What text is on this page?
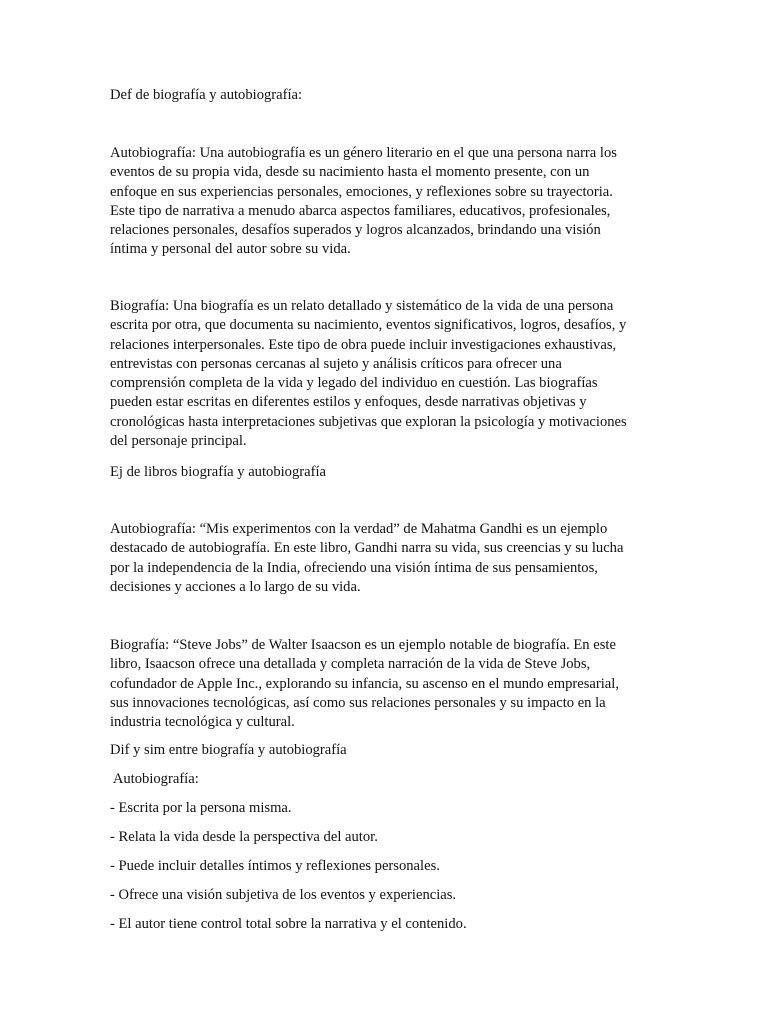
Def de biografía y autobiografía:

Autobiografía: Una autobiografía es un género literario en el que una persona narra los
eventos de su propia vida, desde su nacimiento hasta el momento presente, con un
enfoque en sus experiencias personales, emociones, y reflexiones sobre su trayectoria.
Este tipo de narrativa a menudo abarca aspectos familiares, educativos, profesionales,
relaciones personales, desafíos superados y logros alcanzados, brindando una visión
íntima y personal del autor sobre su vida.

Biografía: Una biografía es un relato detallado y sistemático de la vida de una persona
escrita por otra, que documenta su nacimiento, eventos significativos, logros, desafíos, y
relaciones interpersonales. Este tipo de obra puede incluir investigaciones exhaustivas,
entrevistas con personas cercanas al sujeto y análisis críticos para ofrecer una
comprensión completa de la vida y legado del individuo en cuestión. Las biografías
pueden estar escritas en diferentes estilos y enfoques, desde narrativas objetivas y
cronológicas hasta interpretaciones subjetivas que exploran la psicología y motivaciones
del personaje principal.

Ej de libros biografía y autobiografía

Autobiografía: “Mis experimentos con la verdad” de Mahatma Gandhi es un ejemplo
destacado de autobiografía. En este libro, Gandhi narra su vida, sus creencias y su lucha
por la independencia de la India, ofreciendo una visión íntima de sus pensamientos,
decisiones y acciones a lo largo de su vida.

Biografía: “Steve Jobs” de Walter Isaacson es un ejemplo notable de biografía. En este
libro, Isaacson ofrece una detallada y completa narración de la vida de Steve Jobs,
cofundador de Apple Inc., explorando su infancia, su ascenso en el mundo empresarial,
sus innovaciones tecnológicas, así como sus relaciones personales y su impacto en la
industria tecnológica y cultural.

Dif y sim entre biografía y autobiografía

Autobiografía:

- Escrita por la persona misma.

- Relata la vida desde la perspectiva del autor.

- Puede incluir detalles íntimos y reflexiones personales.

- Ofrece una visión subjetiva de los eventos y experiencias.

- El autor tiene control total sobre la narrativa y el contenido.
